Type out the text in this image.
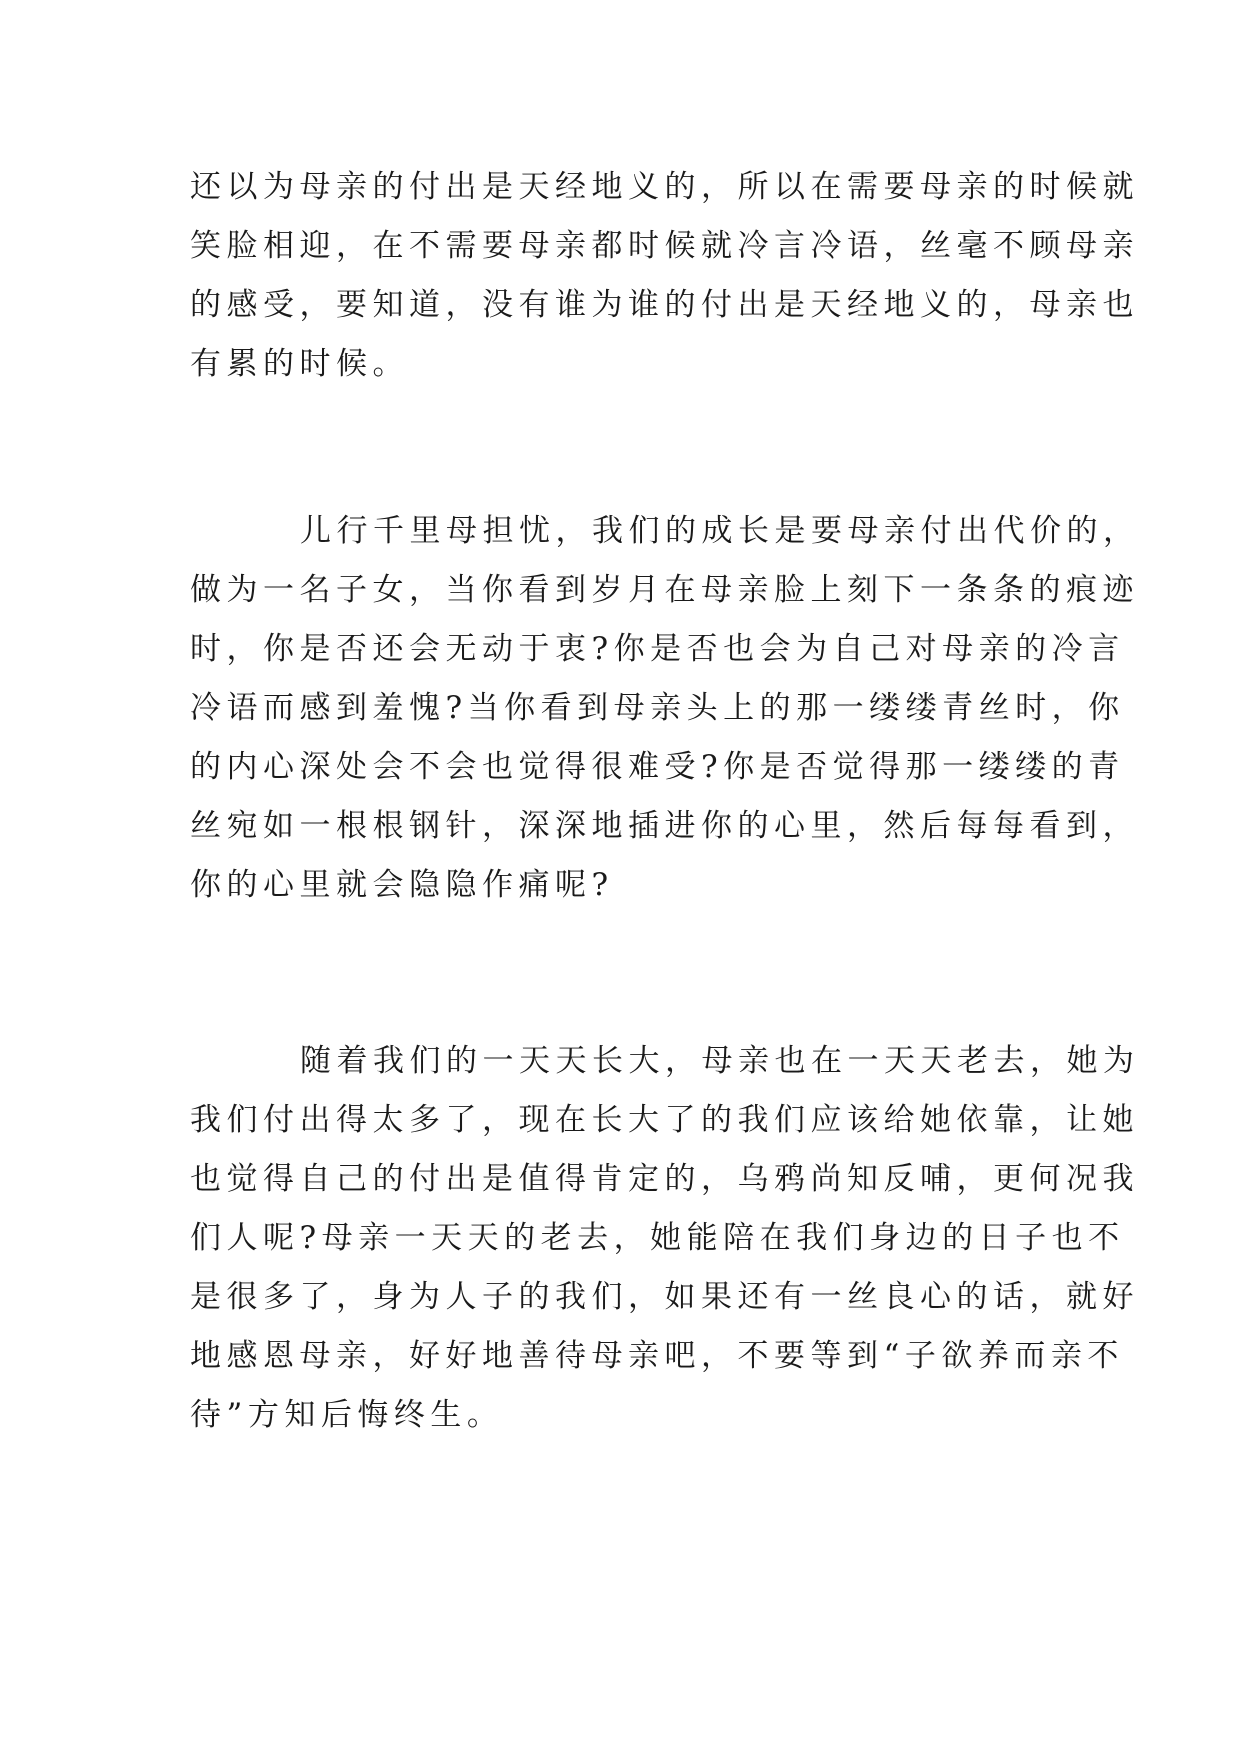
还以为母亲的付出是天经地义的，所以在需要母亲的时候就
笑脸相迎，在不需要母亲都时候就冷言冷语，丝毫不顾母亲
的感受，要知道，没有谁为谁的付出是天经地义的，母亲也
有累的时候。
儿行千里母担忧，我们的成长是要母亲付出代价的，
做为一名子女，当你看到岁月在母亲脸上刻下一条条的痕迹
时，你是否还会无动于衷?你是否也会为自己对母亲的冷言
冷语而感到羞愧?当你看到母亲头上的那一缕缕青丝时，你
的内心深处会不会也觉得很难受?你是否觉得那一缕缕的青
丝宛如一根根钢针，深深地插进你的心里，然后每每看到，
你的心里就会隐隐作痛呢?
随着我们的一天天长大，母亲也在一天天老去，她为
我们付出得太多了，现在长大了的我们应该给她依靠，让她
也觉得自己的付出是值得肯定的，乌鸦尚知反哺，更何况我
们人呢?母亲一天天的老去，她能陪在我们身边的日子也不
是很多了，身为人子的我们，如果还有一丝良心的话，就好
地感恩母亲，好好地善待母亲吧，不要等到“子欲养而亲不
待”方知后悔终生。
